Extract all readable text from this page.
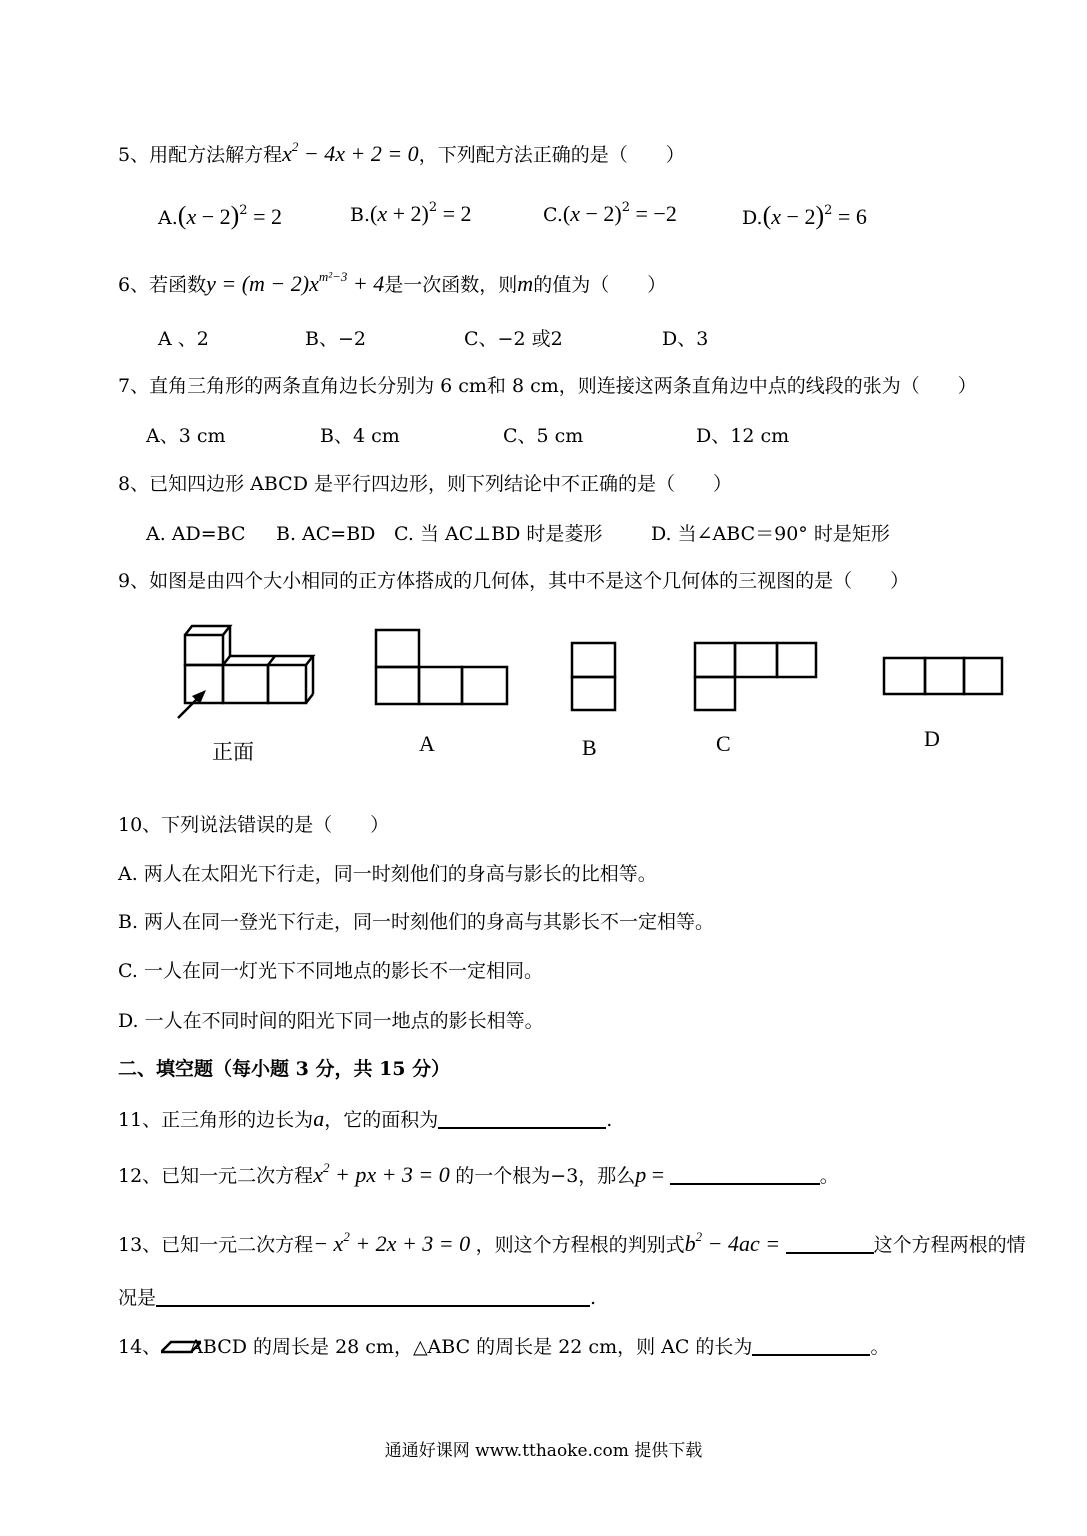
5、用配方法解方程$x^2 - 4x + 2 = 0$，下列配方法正确的是（　　）
$A.(x - 2)^2 = 2$	$B.(x + 2)^2 = 2$	$C.(x - 2)^2 = -2$	$D.(x - 2)^2 = 6$
6、若函数$y = (m - 2)x^{m^2-3} + 4$是一次函数，则m的值为（　　）
A 、2	B、−2	C、−2 或2	D、3
7、直角三角形的两条直角边长分别为 6 cm和 8 cm，则连接这两条直角边中点的线段的张为（　　）
A、3 cm	B、4 cm	C、5 cm	D、12 cm
8、已知四边形 ABCD 是平行四边形，则下列结论中不正确的是（　　）
A. AD=BC B. AC=BD C. 当 AC⊥BD 时是菱形	D. 当∠ABC＝90° 时是矩形
9、如图是由四个大小相同的正方体搭成的几何体，其中不是这个几何体的三视图的是（　　）
正面	A	B	C	D
10、下列说法错误的是（　　）
A. 两人在太阳光下行走，同一时刻他们的身高与影长的比相等。
B. 两人在同一登光下行走，同一时刻他们的身高与其影长不一定相等。
C. 一人在同一灯光下不同地点的影长不一定相同。
D. 一人在不同时间的阳光下同一地点的影长相等。
二、填空题（每小题 3 分，共 15 分）
11、正三角形的边长为a，它的面积为	.
12、已知一元二次方程$x^2$ + px + 3 = 0 的一个根为−3，那么p =	。
13、已知一元二次方程− $x^2 + 2x + 3 = 0$ ，则这个方程根的判别式$b^2 - 4ac$ =	这个方程两根的情
况是	.
14、 ABCD 的周长是 28 cm，△ABC 的周长是 22 cm，则 AC 的长为	。
通通好课网 www.tthaoke.com 提供下载
